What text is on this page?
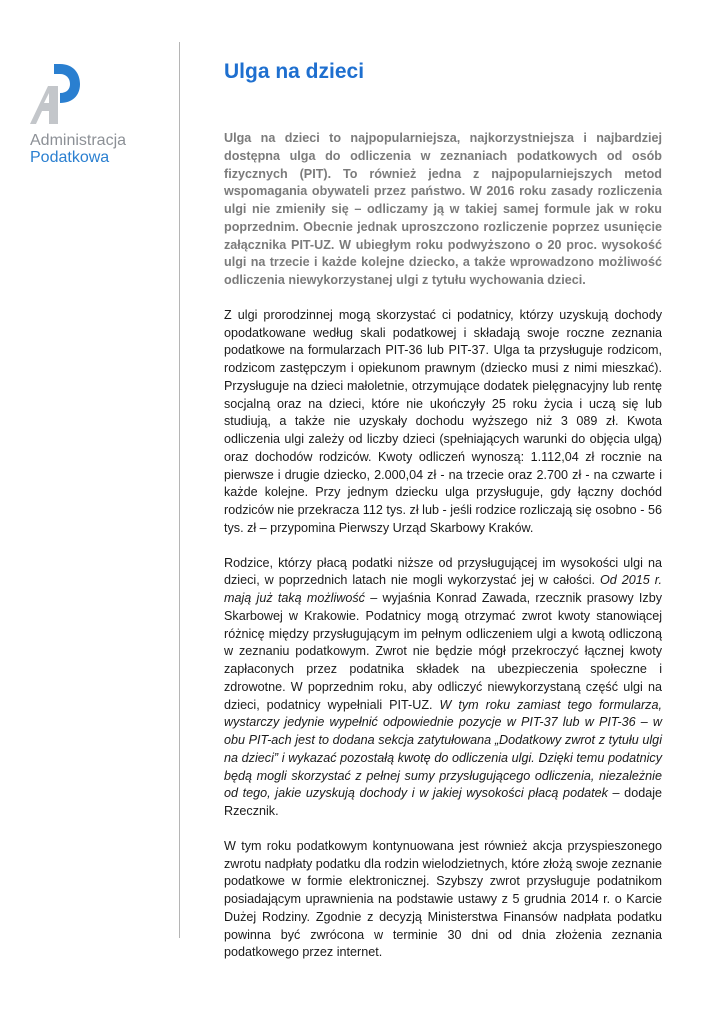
Administracja
Podatkowa
Ulga na dzieci

Ulga na dzieci to najpopularniejsza, najkorzystniejsza i najbardziej dostępna ulga do odliczenia w zeznaniach podatkowych od osób fizycznych (PIT). To również jedna z najpopularniejszych metod wspomagania obywateli przez państwo. W 2016 roku zasady rozliczenia ulgi nie zmieniły się – odliczamy ją w takiej samej formule jak w roku poprzednim. Obecnie jednak uproszczono rozliczenie poprzez usunięcie załącznika PIT-UZ. W ubiegłym roku podwyższono o 20 proc. wysokość ulgi na trzecie i każde kolejne dziecko, a także wprowadzono możliwość odliczenia niewykorzystanej ulgi z tytułu wychowania dzieci.

Z ulgi prorodzinnej mogą skorzystać ci podatnicy, którzy uzyskują dochody opodatkowane według skali podatkowej i składają swoje roczne zeznania podatkowe na formularzach PIT-36 lub PIT-37. Ulga ta przysługuje rodzicom, rodzicom zastępczym i opiekunom prawnym (dziecko musi z nimi mieszkać). Przysługuje na dzieci małoletnie, otrzymujące dodatek pielęgnacyjny lub rentę socjalną oraz na dzieci, które nie ukończyły 25 roku życia i uczą się lub studiują, a także nie uzyskały dochodu wyższego niż 3 089 zł. Kwota odliczenia ulgi zależy od liczby dzieci (spełniających warunki do objęcia ulgą) oraz dochodów rodziców. Kwoty odliczeń wynoszą: 1.112,04 zł rocznie na pierwsze i drugie dziecko, 2.000,04 zł - na trzecie oraz 2.700 zł - na czwarte i każde kolejne. Przy jednym dziecku ulga przysługuje, gdy łączny dochód rodziców nie przekracza 112 tys. zł lub - jeśli rodzice rozliczają się osobno - 56 tys. zł – przypomina Pierwszy Urząd Skarbowy Kraków.

Rodzice, którzy płacą podatki niższe od przysługującej im wysokości ulgi na dzieci, w poprzednich latach nie mogli wykorzystać jej w całości. Od 2015 r. mają już taką możliwość – wyjaśnia Konrad Zawada, rzecznik prasowy Izby Skarbowej w Krakowie. Podatnicy mogą otrzymać zwrot kwoty stanowiącej różnicę między przysługującym im pełnym odliczeniem ulgi a kwotą odliczoną w zeznaniu podatkowym. Zwrot nie będzie mógł przekroczyć łącznej kwoty zapłaconych przez podatnika składek na ubezpieczenia społeczne i zdrowotne. W poprzednim roku, aby odliczyć niewykorzystaną część ulgi na dzieci, podatnicy wypełniali PIT-UZ. W tym roku zamiast tego formularza, wystarczy jedynie wypełnić odpowiednie pozycje w PIT-37 lub w PIT-36 – w obu PIT-ach jest to dodana sekcja zatytułowana „Dodatkowy zwrot z tytułu ulgi na dzieci” i wykazać pozostałą kwotę do odliczenia ulgi. Dzięki temu podatnicy będą mogli skorzystać z pełnej sumy przysługującego odliczenia, niezależnie od tego, jakie uzyskują dochody i w jakiej wysokości płacą podatek – dodaje Rzecznik.

W tym roku podatkowym kontynuowana jest również akcja przyspieszonego zwrotu nadpłaty podatku dla rodzin wielodzietnych, które złożą swoje zeznanie podatkowe w formie elektronicznej. Szybszy zwrot przysługuje podatnikom posiadającym uprawnienia na podstawie ustawy z 5 grudnia 2014 r. o Karcie Dużej Rodziny. Zgodnie z decyzją Ministerstwa Finansów nadpłata podatku powinna być zwrócona w terminie 30 dni od dnia złożenia zeznania podatkowego przez internet.
